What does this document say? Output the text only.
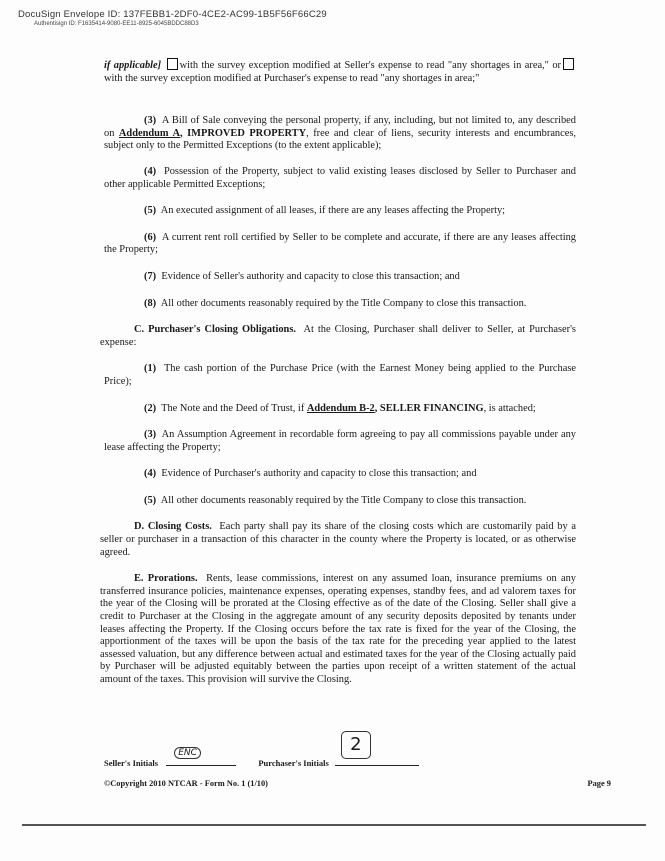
DocuSign Envelope ID: 137FEBB1-2DF0-4CE2-AC99-1B5F56F66C29
Authentisign ID: F1635414-9080-EE11-8925-6045BDDC88D3

if applicable] with the survey exception modified at Seller's expense to read "any shortages in area," orwith the survey exception modified at Purchaser's expense to read "any shortages in area;"

(3) A Bill of Sale conveying the personal property, if any, including, but not limited to, any described on Addendum A, IMPROVED PROPERTY, free and clear of liens, security interests and encumbrances, subject only to the Permitted Exceptions (to the extent applicable);

(4) Possession of the Property, subject to valid existing leases disclosed by Seller to Purchaser and other applicable Permitted Exceptions;

(5) An executed assignment of all leases, if there are any leases affecting the Property;

(6) A current rent roll certified by Seller to be complete and accurate, if there are any leases affecting the Property;

(7) Evidence of Seller's authority and capacity to close this transaction; and

(8) All other documents reasonably required by the Title Company to close this transaction.

C. Purchaser's Closing Obligations. At the Closing, Purchaser shall deliver to Seller, at Purchaser's expense:

(1) The cash portion of the Purchase Price (with the Earnest Money being applied to the Purchase Price);

(2) The Note and the Deed of Trust, if Addendum B-2, SELLER FINANCING, is attached;

(3) An Assumption Agreement in recordable form agreeing to pay all commissions payable under any lease affecting the Property;

(4) Evidence of Purchaser's authority and capacity to close this transaction; and

(5) All other documents reasonably required by the Title Company to close this transaction.

D. Closing Costs. Each party shall pay its share of the closing costs which are customarily paid by a seller or purchaser in a transaction of this character in the county where the Property is located, or as otherwise agreed.

E. Prorations. Rents, lease commissions, interest on any assumed loan, insurance premiums on any transferred insurance policies, maintenance expenses, operating expenses, standby fees, and ad valorem taxes for the year of the Closing will be prorated at the Closing effective as of the date of the Closing. Seller shall give a credit to Purchaser at the Closing in the aggregate amount of any security deposits deposited by tenants under leases affecting the Property. If the Closing occurs before the tax rate is fixed for the year of the Closing, the apportionment of the taxes will be upon the basis of the tax rate for the preceding year applied to the latest assessed valuation, but any difference between actual and estimated taxes for the year of the Closing actually paid by Purchaser will be adjusted equitably between the parties upon receipt of a written statement of the actual amount of the taxes. This provision will survive the Closing.

Seller's Initials
ENC
Purchaser's Initials
2
©Copyright 2010 NTCAR - Form No. 1 (1/10)	Page 9
